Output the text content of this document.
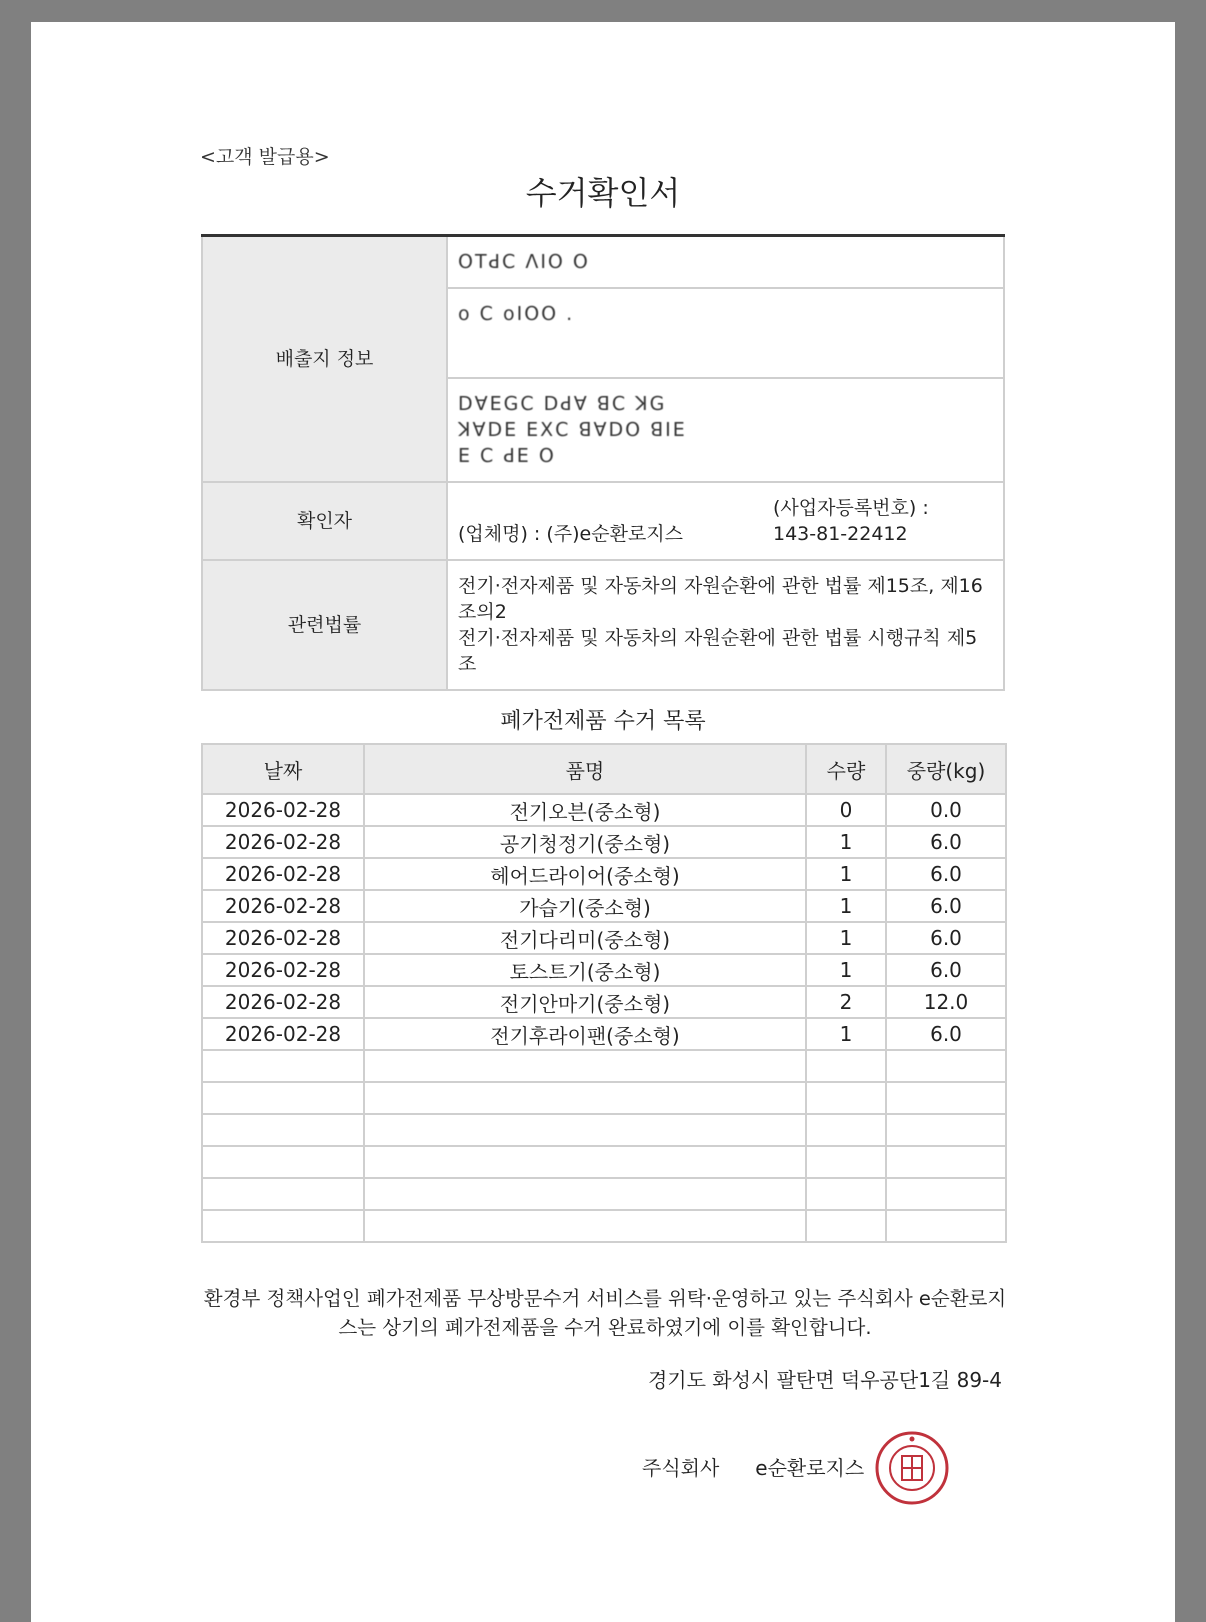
<고객 발급용>
수거확인서
배출지 정보	ꓳꓔꓒꓚ ꓥꓲꓳ ꓳ

	o ꓚ oꓲꓳꓳ .

	ꓓꓯꓰꓖꓚ ꓓꓒꓯ ꓭꓚ ꓘꓖ
ꓘꓯꓓꓰ ꓰꓫꓚ ꓭꓯꓓꓳ ꓭꓲꓰ
ꓰ ꓚ ꓒꓰ ꓳ

확인자	(업체명) : (주)e순환로지스
(사업자등록번호) :
143-81-22412

관련법률	전기·전자제품 및 자동차의 자원순환에 관한 법률 제15조, 제16조의2
전기·전자제품 및 자동차의 자원순환에 관한 법률 시행규칙 제5조
폐가전제품 수거 목록
날짜	품명	수량	중량(kg)
2026-02-28	전기오븐(중소형)	0	0.0
2026-02-28	공기청정기(중소형)	1	6.0
2026-02-28	헤어드라이어(중소형)	1	6.0
2026-02-28	가습기(중소형)	1	6.0
2026-02-28	전기다리미(중소형)	1	6.0
2026-02-28	토스트기(중소형)	1	6.0
2026-02-28	전기안마기(중소형)	2	12.0
2026-02-28	전기후라이팬(중소형)	1	6.0

환경부 정책사업인 폐가전제품 무상방문수거 서비스를 위탁·운영하고 있는 주식회사 e순환로지스는 상기의 폐가전제품을 수거 완료하였기에 이를 확인합니다.
경기도 화성시 팔탄면 덕우공단1길 89-4
주식회사 e순환로지스
